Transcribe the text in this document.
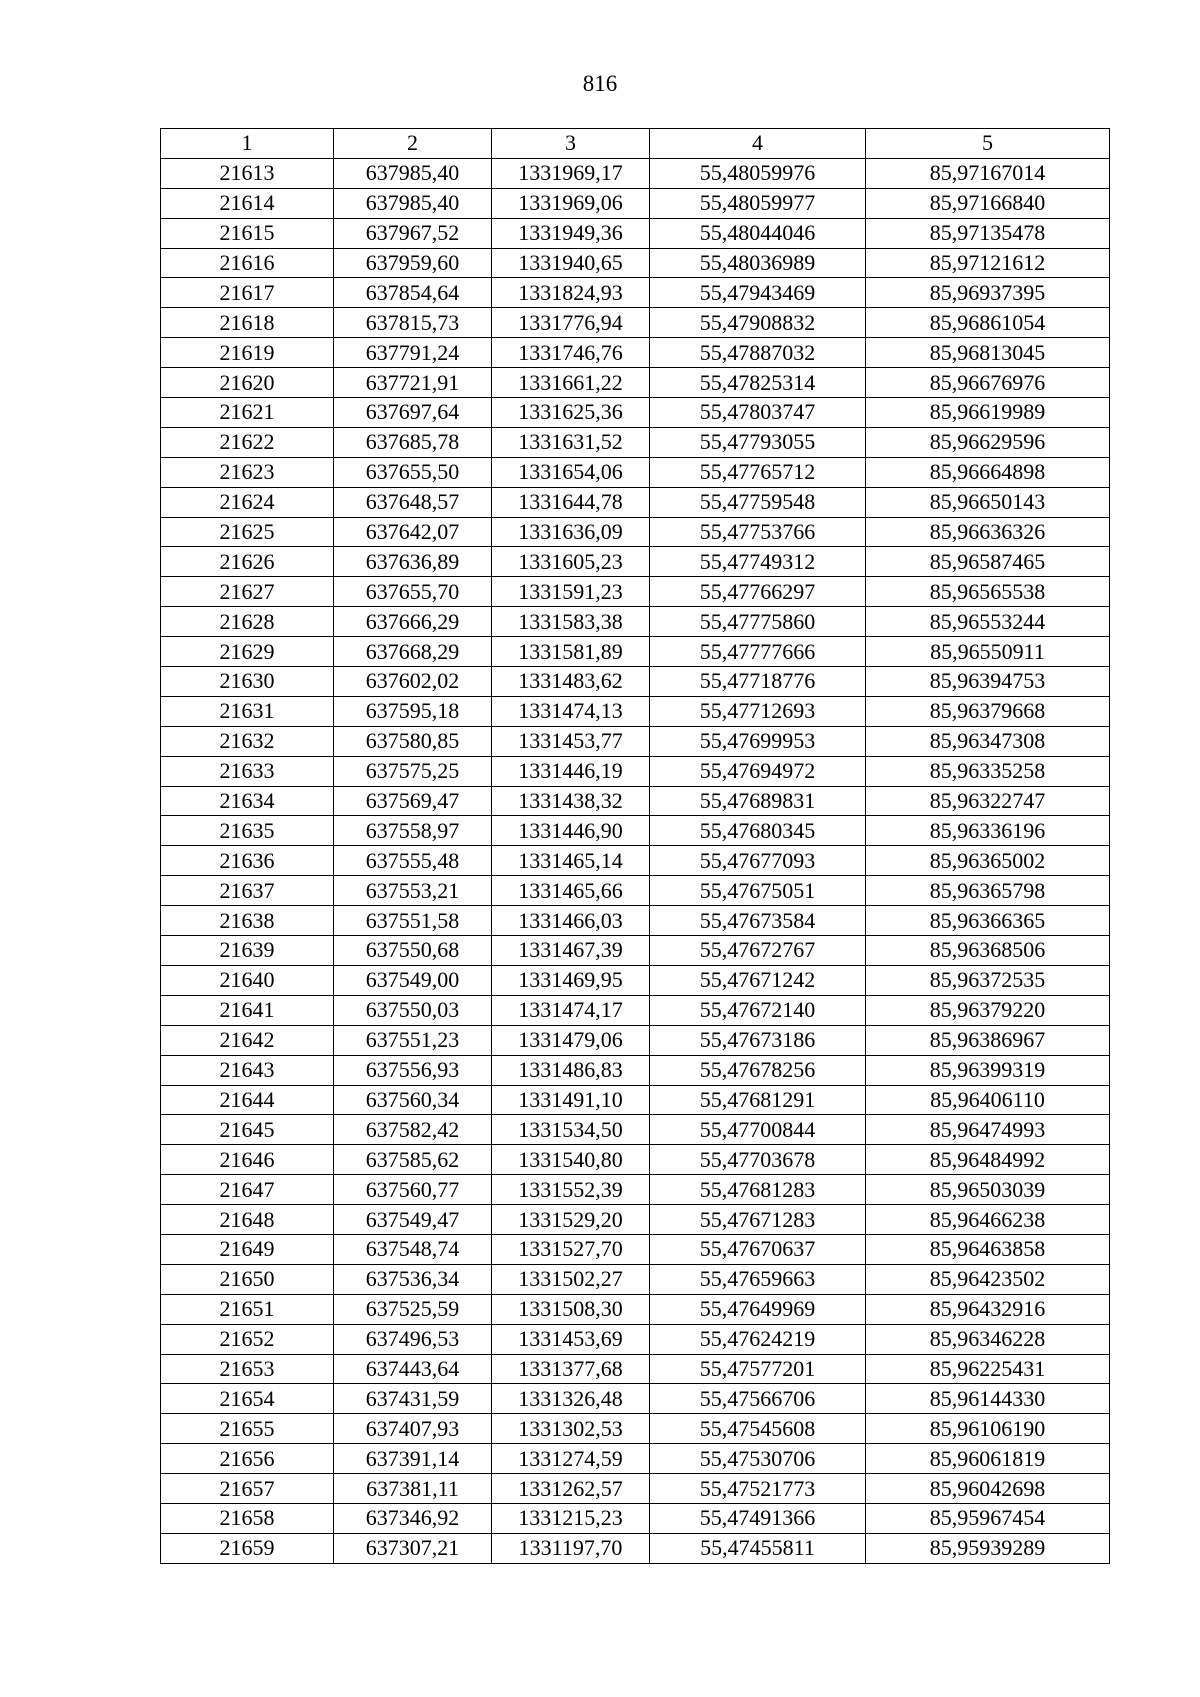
816
1	2	3	4	5
21613	637985,40	1331969,17	55,48059976	85,97167014
21614	637985,40	1331969,06	55,48059977	85,97166840
21615	637967,52	1331949,36	55,48044046	85,97135478
21616	637959,60	1331940,65	55,48036989	85,97121612
21617	637854,64	1331824,93	55,47943469	85,96937395
21618	637815,73	1331776,94	55,47908832	85,96861054
21619	637791,24	1331746,76	55,47887032	85,96813045
21620	637721,91	1331661,22	55,47825314	85,96676976
21621	637697,64	1331625,36	55,47803747	85,96619989
21622	637685,78	1331631,52	55,47793055	85,96629596
21623	637655,50	1331654,06	55,47765712	85,96664898
21624	637648,57	1331644,78	55,47759548	85,96650143
21625	637642,07	1331636,09	55,47753766	85,96636326
21626	637636,89	1331605,23	55,47749312	85,96587465
21627	637655,70	1331591,23	55,47766297	85,96565538
21628	637666,29	1331583,38	55,47775860	85,96553244
21629	637668,29	1331581,89	55,47777666	85,96550911
21630	637602,02	1331483,62	55,47718776	85,96394753
21631	637595,18	1331474,13	55,47712693	85,96379668
21632	637580,85	1331453,77	55,47699953	85,96347308
21633	637575,25	1331446,19	55,47694972	85,96335258
21634	637569,47	1331438,32	55,47689831	85,96322747
21635	637558,97	1331446,90	55,47680345	85,96336196
21636	637555,48	1331465,14	55,47677093	85,96365002
21637	637553,21	1331465,66	55,47675051	85,96365798
21638	637551,58	1331466,03	55,47673584	85,96366365
21639	637550,68	1331467,39	55,47672767	85,96368506
21640	637549,00	1331469,95	55,47671242	85,96372535
21641	637550,03	1331474,17	55,47672140	85,96379220
21642	637551,23	1331479,06	55,47673186	85,96386967
21643	637556,93	1331486,83	55,47678256	85,96399319
21644	637560,34	1331491,10	55,47681291	85,96406110
21645	637582,42	1331534,50	55,47700844	85,96474993
21646	637585,62	1331540,80	55,47703678	85,96484992
21647	637560,77	1331552,39	55,47681283	85,96503039
21648	637549,47	1331529,20	55,47671283	85,96466238
21649	637548,74	1331527,70	55,47670637	85,96463858
21650	637536,34	1331502,27	55,47659663	85,96423502
21651	637525,59	1331508,30	55,47649969	85,96432916
21652	637496,53	1331453,69	55,47624219	85,96346228
21653	637443,64	1331377,68	55,47577201	85,96225431
21654	637431,59	1331326,48	55,47566706	85,96144330
21655	637407,93	1331302,53	55,47545608	85,96106190
21656	637391,14	1331274,59	55,47530706	85,96061819
21657	637381,11	1331262,57	55,47521773	85,96042698
21658	637346,92	1331215,23	55,47491366	85,95967454
21659	637307,21	1331197,70	55,47455811	85,95939289
